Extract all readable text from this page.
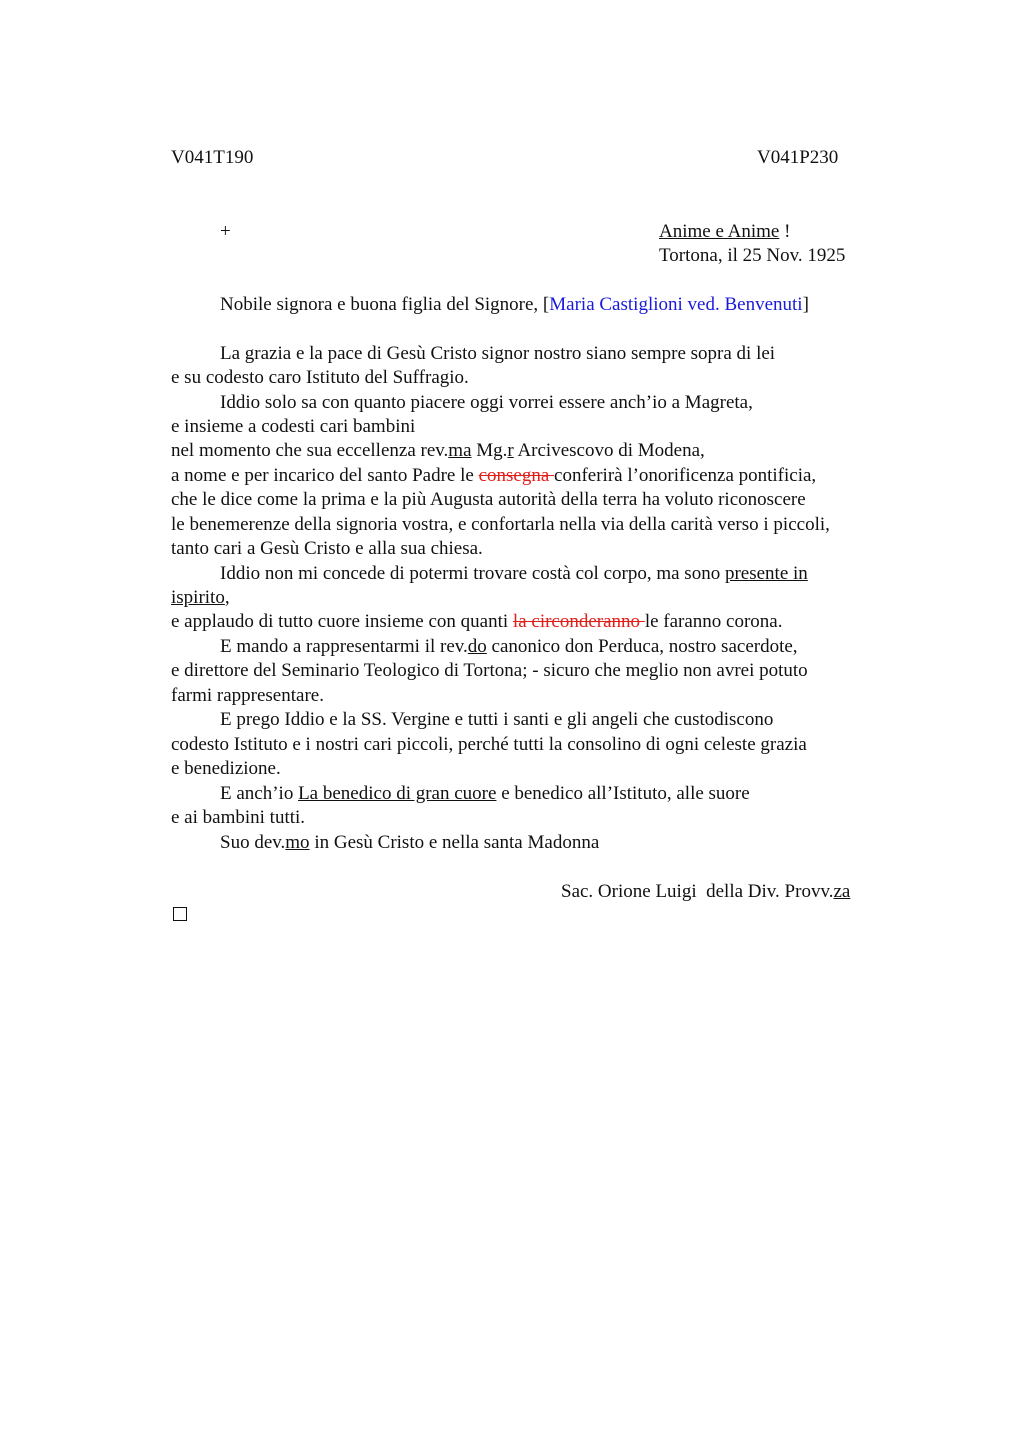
V041T190	V041P230
+	Anime e Anime !
Tortona, il 25 Nov. 1925
Nobile signora e buona figlia del Signore, [Maria Castiglioni ved. Benvenuti]
La grazia e la pace di Gesù Cristo signor nostro siano sempre sopra di lei
e su codesto caro Istituto del Suffragio.
Iddio solo sa con quanto piacere oggi vorrei essere anch’io a Magreta,
e insieme a codesti cari bambini
nel momento che sua eccellenza rev.ma Mg.r Arcivescovo di Modena,
a nome e per incarico del santo Padre le consegna conferirà l’onorificenza pontificia,
che le dice come la prima e la più Augusta autorità della terra ha voluto riconoscere
le benemerenze della signoria vostra, e confortarla nella via della carità verso i piccoli,
tanto cari a Gesù Cristo e alla sua chiesa.
Iddio non mi concede di potermi trovare costà col corpo, ma sono presente in
ispirito,
e applaudo di tutto cuore insieme con quanti la circonderanno le faranno corona.
E mando a rappresentarmi il rev.do canonico don Perduca, nostro sacerdote,
e direttore del Seminario Teologico di Tortona; - sicuro che meglio non avrei potuto
farmi rappresentare.
E prego Iddio e la SS. Vergine e tutti i santi e gli angeli che custodiscono
codesto Istituto e i nostri cari piccoli, perché tutti la consolino di ogni celeste grazia
e benedizione.
E anch’io La benedico di gran cuore e benedico all’Istituto, alle suore
e ai bambini tutti.
Suo dev.mo in Gesù Cristo e nella santa Madonna
Sac. Orione Luigi  della Div. Provv.za
